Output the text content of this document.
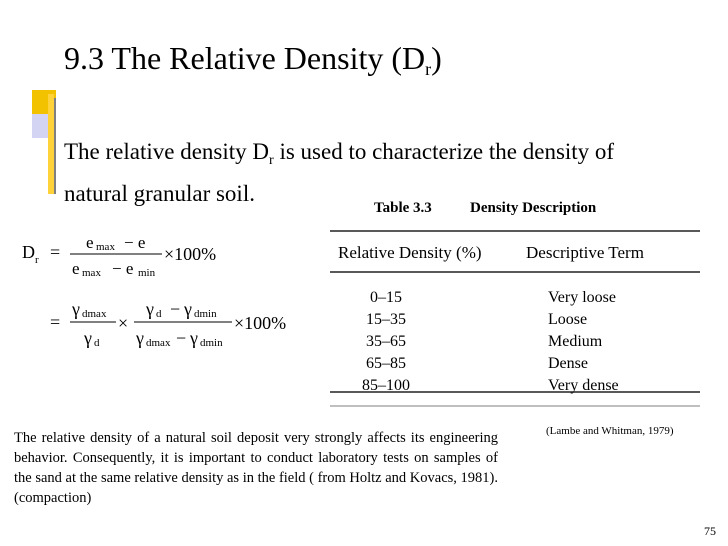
9.3 The Relative Density $(D_r)$
The relative density $D_r$ is used to characterize the density of natural granular soil.
D r = e max − e
e max − e min
×100%
=
γ dmax
γ d
×
γ d − γ dmin
γ dmax − γ dmin
×100%
Table 3.3	Density Description
Relative Density (%)	Descriptive Term
0–15	Very loose
15–35	Loose
35–65	Medium
65–85	Dense
85–100	Very dense
(Lambe and Whitman, 1979)
The relative density of a natural soil deposit very strongly affects its engineering behavior. Consequently, it is important to conduct laboratory tests on samples of the sand at the same relative density as in the field ( from Holtz and Kovacs, 1981). (compaction)
75
